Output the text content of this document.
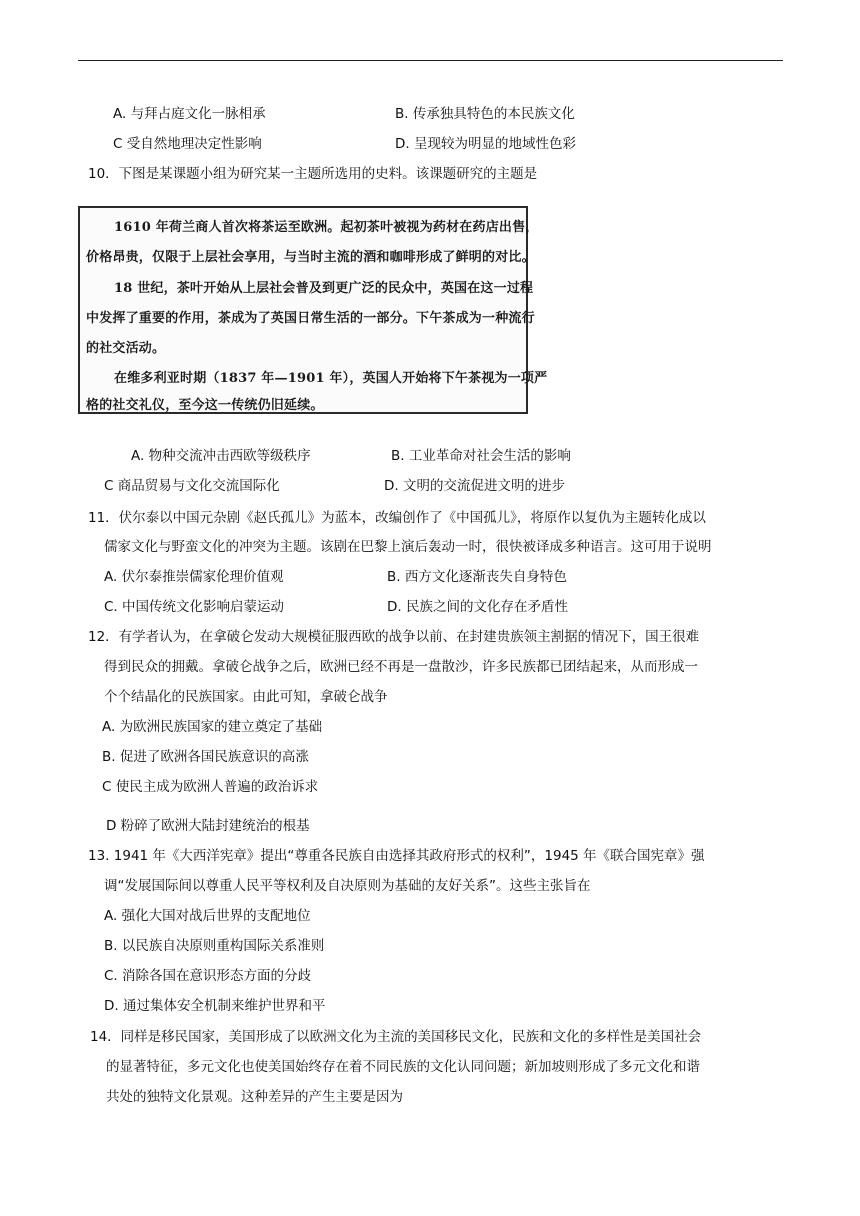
A. 与拜占庭文化一脉相承	B. 传承独具特色的本民族文化
C 受自然地理决定性影响	D. 呈现较为明显的地域性色彩
10．下图是某课题小组为研究某一主题所选用的史料。该课题研究的主题是
1610 年荷兰商人首次将茶运至欧洲。起初茶叶被视为药材在药店出售，
价格昂贵，仅限于上层社会享用，与当时主流的酒和咖啡形成了鲜明的对比。
18 世纪，茶叶开始从上层社会普及到更广泛的民众中，英国在这一过程
中发挥了重要的作用，茶成为了英国日常生活的一部分。下午茶成为一种流行
的社交活动。
在维多利亚时期（1837 年—1901 年），英国人开始将下午茶视为一项严
格的社交礼仪，至今这一传统仍旧延续。
A. 物种交流冲击西欧等级秩序	B. 工业革命对社会生活的影响
C 商品贸易与文化交流国际化	D. 文明的交流促进文明的进步
11．伏尔泰以中国元杂剧《赵氏孤儿》为蓝本，改编创作了《中国孤儿》，将原作以复仇为主题转化成以
儒家文化与野蛮文化的冲突为主题。该剧在巴黎上演后轰动一时，很快被译成多种语言。这可用于说明
A. 伏尔泰推崇儒家伦理价值观	B. 西方文化逐渐丧失自身特色
C. 中国传统文化影响启蒙运动	D. 民族之间的文化存在矛盾性
12．有学者认为，在拿破仑发动大规模征服西欧的战争以前、在封建贵族领主割据的情况下，国王很难
得到民众的拥戴。拿破仑战争之后，欧洲已经不再是一盘散沙，许多民族都已团结起来，从而形成一
个个结晶化的民族国家。由此可知，拿破仑战争
A. 为欧洲民族国家的建立奠定了基础
B. 促进了欧洲各国民族意识的高涨
C 使民主成为欧洲人普遍的政治诉求
D 粉碎了欧洲大陆封建统治的根基
13. 1941 年《大西洋宪章》提出“尊重各民族自由选择其政府形式的权利”，1945 年《联合国宪章》强
调“发展国际间以尊重人民平等权利及自决原则为基础的友好关系”。这些主张旨在
A. 强化大国对战后世界的支配地位
B. 以民族自决原则重构国际关系准则
C. 消除各国在意识形态方面的分歧
D. 通过集体安全机制来维护世界和平
14．同样是移民国家，美国形成了以欧洲文化为主流的美国移民文化，民族和文化的多样性是美国社会
的显著特征，多元文化也使美国始终存在着不同民族的文化认同问题；新加坡则形成了多元文化和谐
共处的独特文化景观。这种差异的产生主要是因为
